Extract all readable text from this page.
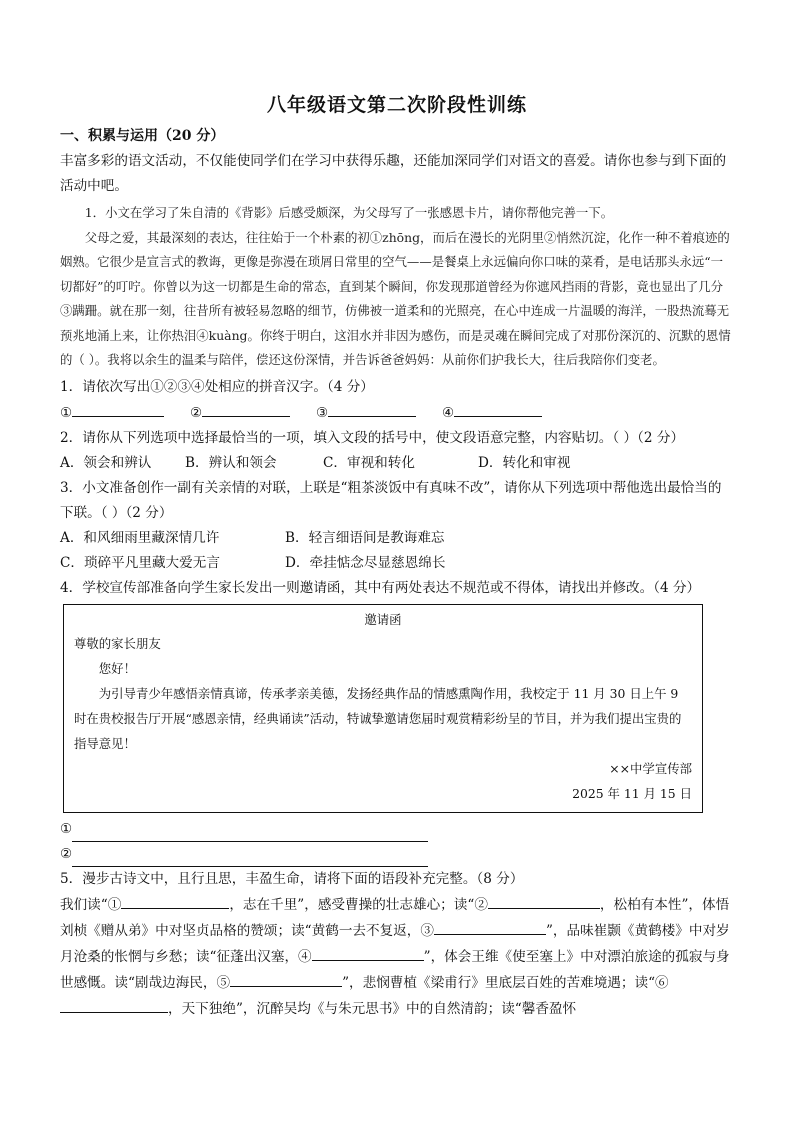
八年级语文第二次阶段性训练
一、积累与运用（20 分）

丰富多彩的语文活动，不仅能使同学们在学习中获得乐趣，还能加深同学们对语文的喜爱。请你也参与到下面的活动中吧。

1．小文在学习了朱自清的《背影》后感受颇深，为父母写了一张感恩卡片，请你帮他完善一下。

父母之爱，其最深刻的表达，往往始于一个朴素的初①zhōng，而后在漫长的光阴里②悄然沉淀，化作一种不着痕迹的姻熟。它很少是宣言式的教诲，更像是弥漫在琐屑日常里的空气——是餐桌上永远偏向你口味的菜肴，是电话那头永远“一切都好”的叮咛。你曾以为这一切都是生命的常态，直到某个瞬间，你发现那道曾经为你遮风挡雨的背影，竟也显出了几分③蹒跚。就在那一刻，往昔所有被轻易忽略的细节，仿佛被一道柔和的光照亮，在心中连成一片温暖的海洋，一股热流蓦无预兆地涌上来，让你热泪④kuàng。你终于明白，这泪水并非因为感伤，而是灵魂在瞬间完成了对那份深沉的、沉默的恩情的（ ）。我将以余生的温柔与陪伴，偿还这份深情，并告诉爸爸妈妈：从前你们护我长大，往后我陪你们变老。

1．请依次写出①②③④处相应的拼音汉字。（4 分）

①	②	③	④

2．请你从下列选项中选择最恰当的一项，填入文段的括号中，使文段语意完整，内容贴切。（ ）（2 分）

A．领会和辨认	B．辨认和领会	C．审视和转化	D．转化和审视

3．小文准备创作一副有关亲情的对联，上联是“粗茶淡饭中有真味不改”，请你从下列选项中帮他选出最恰当的下联。（ ）（2 分）

A．和风细雨里藏深情几许	B．轻言细语间是教诲难忘
C．琐碎平凡里藏大爱无言	D．牵挂惦念尽显慈恩绵长

4．学校宣传部准备向学生家长发出一则邀请函，其中有两处表达不规范或不得体，请找出并修改。（4 分）

邀请函

尊敬的家长朋友

您好！

为引导青少年感悟亲情真谛，传承孝亲美德，发扬经典作品的情感熏陶作用，我校定于 11 月 30 日上午 9 时在贵校报告厅开展“感恩亲情，经典诵读”活动，特诚挚邀请您届时观赏精彩纷呈的节目，并为我们提出宝贵的指导意见！

××中学宣传部

2025 年 11 月 15 日

①
②

5．漫步古诗文中，且行且思，丰盈生命，请将下面的语段补充完整。（8 分）

我们读“①	，志在千里”，感受曹操的壮志雄心；读“②	，松柏有本性”，体悟刘桢《赠从弟》中对坚贞品格的赞颂；读“黄鹤一去不复返，③	”，品味崔颢《黄鹤楼》中对岁月沧桑的怅惘与乡愁；读“征蓬出汉塞，④	”，体会王维《使至塞上》中对漂泊旅途的孤寂与身世感慨。读“剧哉边海民，⑤	”，悲悯曹植《梁甫行》里底层百姓的苦难境遇；读“⑥，天下独绝”，沉醉吴均《与朱元思书》中的自然清韵；读“馨香盈怀
